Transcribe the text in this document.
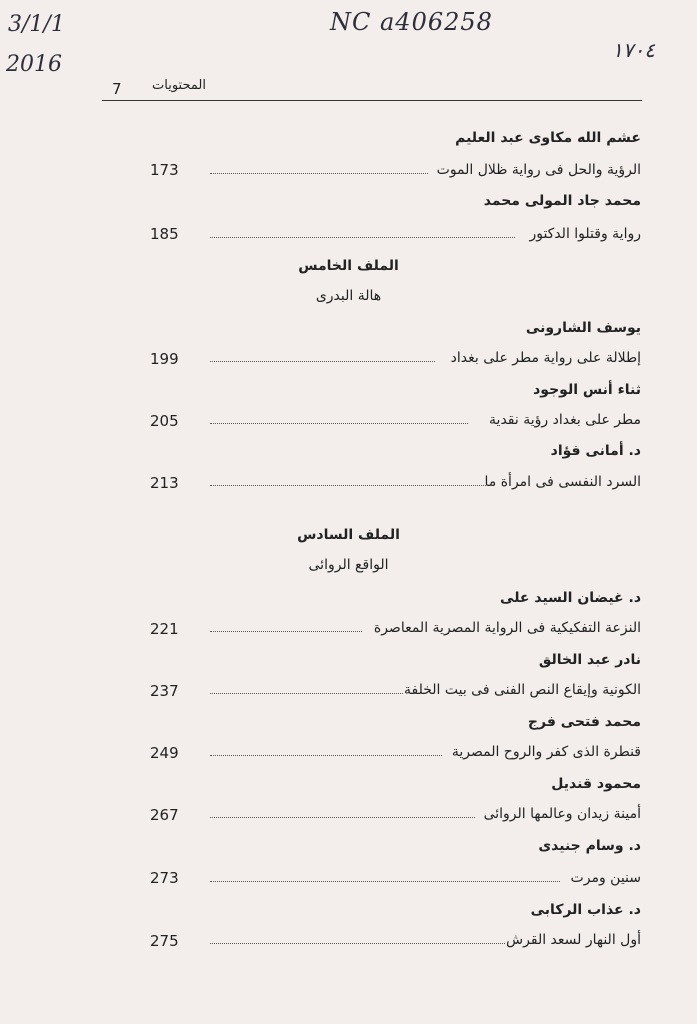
3/1/1
2016
NC a406258
١٧٠٤
7 المحتويات
عشم الله مكاوى عبد العليم
الرؤية والحل فى رواية ظلال الموت
173
محمد جاد المولى محمد
رواية وقتلوا الدكتور
185
الملف الخامس
هالة البدرى
يوسف الشارونى
إطلالة على رواية مطر على بغداد
199
ثناء أنس الوجود
مطر على بغداد رؤية نقدية
205
د. أمانى فؤاد
السرد النفسى فى امرأة ما
213
الملف السادس
الواقع الروائى
د. غيضان السيد على
النزعة التفكيكية فى الرواية المصرية المعاصرة
221
نادر عبد الخالق
الكونية وإيقاع النص الفنى فى بيت الخلفة
237
محمد فتحى فرج
قنطرة الذى كفر والروح المصرية
249
محمود قنديل
أمينة زيدان وعالمها الروائى
267
د. وسام جنيدى
سنين ومرت
273
د. عذاب الركابى
أول النهار لسعد القرش
275
